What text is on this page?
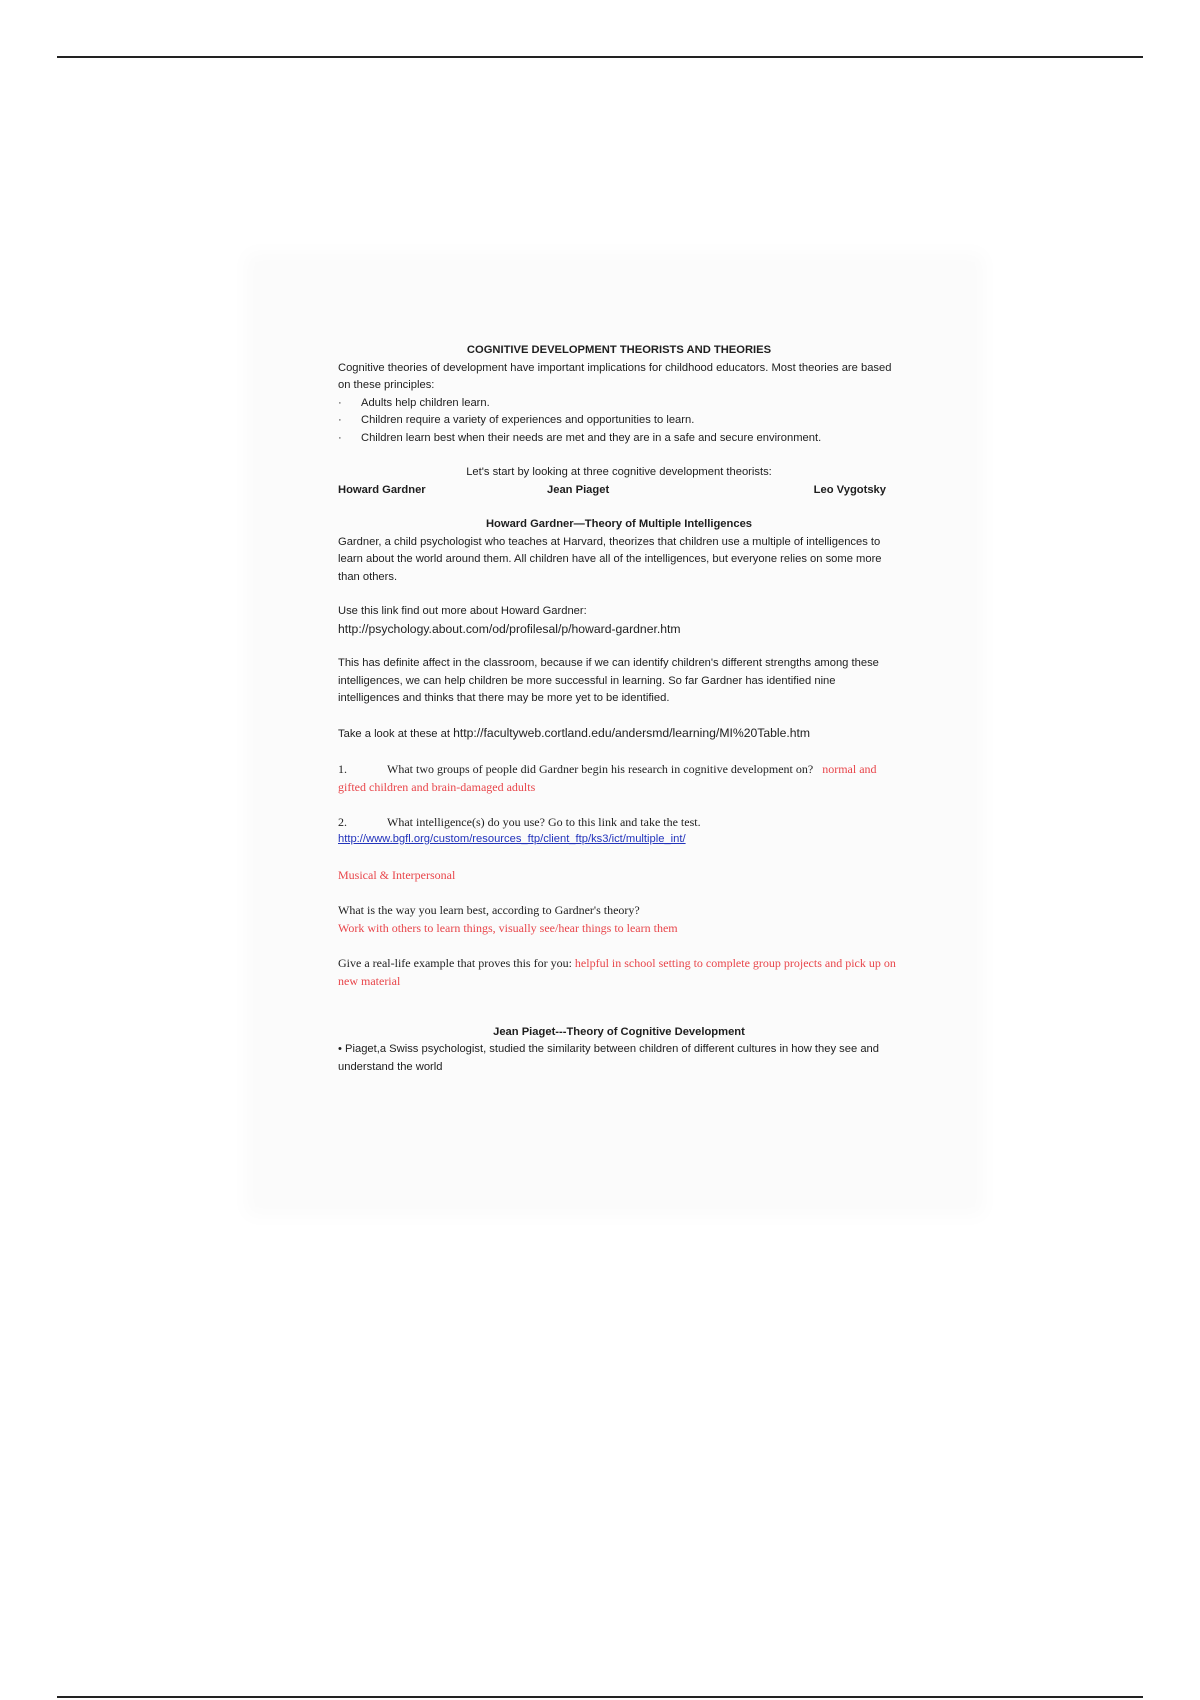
COGNITIVE DEVELOPMENT THEORISTS AND THEORIES

Cognitive theories of development have important implications for childhood educators. Most theories are based on these principles:

·	Adults help children learn.
·	Children require a variety of experiences and opportunities to learn.
· Children learn best when their needs are met and they are in a safe and secure environment.

Let's start by looking at three cognitive development theorists:

Howard Gardner	Jean Piaget	Leo Vygotsky

Howard Gardner—Theory of Multiple Intelligences

Gardner, a child psychologist who teaches at Harvard, theorizes that children use a multiple of intelligences to learn about the world around them. All children have all of the intelligences, but everyone relies on some more than others.

Use this link find out more about Howard Gardner:

http://psychology.about.com/od/profilesal/p/howard-gardner.htm

This has definite affect in the classroom, because if we can identify children's different strengths among these intelligences, we can help children be more successful in learning. So far Gardner has identified nine intelligences and thinks that there may be more yet to be identified.

Take a look at these at http://facultyweb.cortland.edu/andersmd/learning/MI%20Table.htm

1.	What two groups of people did Gardner begin his research in cognitive development on? normal and gifted children and brain-damaged adults

2.	What intelligence(s) do you use? Go to this link and take the test.

http://www.bgfl.org/custom/resources_ftp/client_ftp/ks3/ict/multiple_int/

Musical & Interpersonal

What is the way you learn best, according to Gardner's theory?

Work with others to learn things, visually see/hear things to learn them

Give a real-life example that proves this for you: helpful in school setting to complete group projects and pick up on new material

Jean Piaget---Theory of Cognitive Development

• Piaget,a Swiss psychologist, studied the similarity between children of different cultures in how they see and understand the world
